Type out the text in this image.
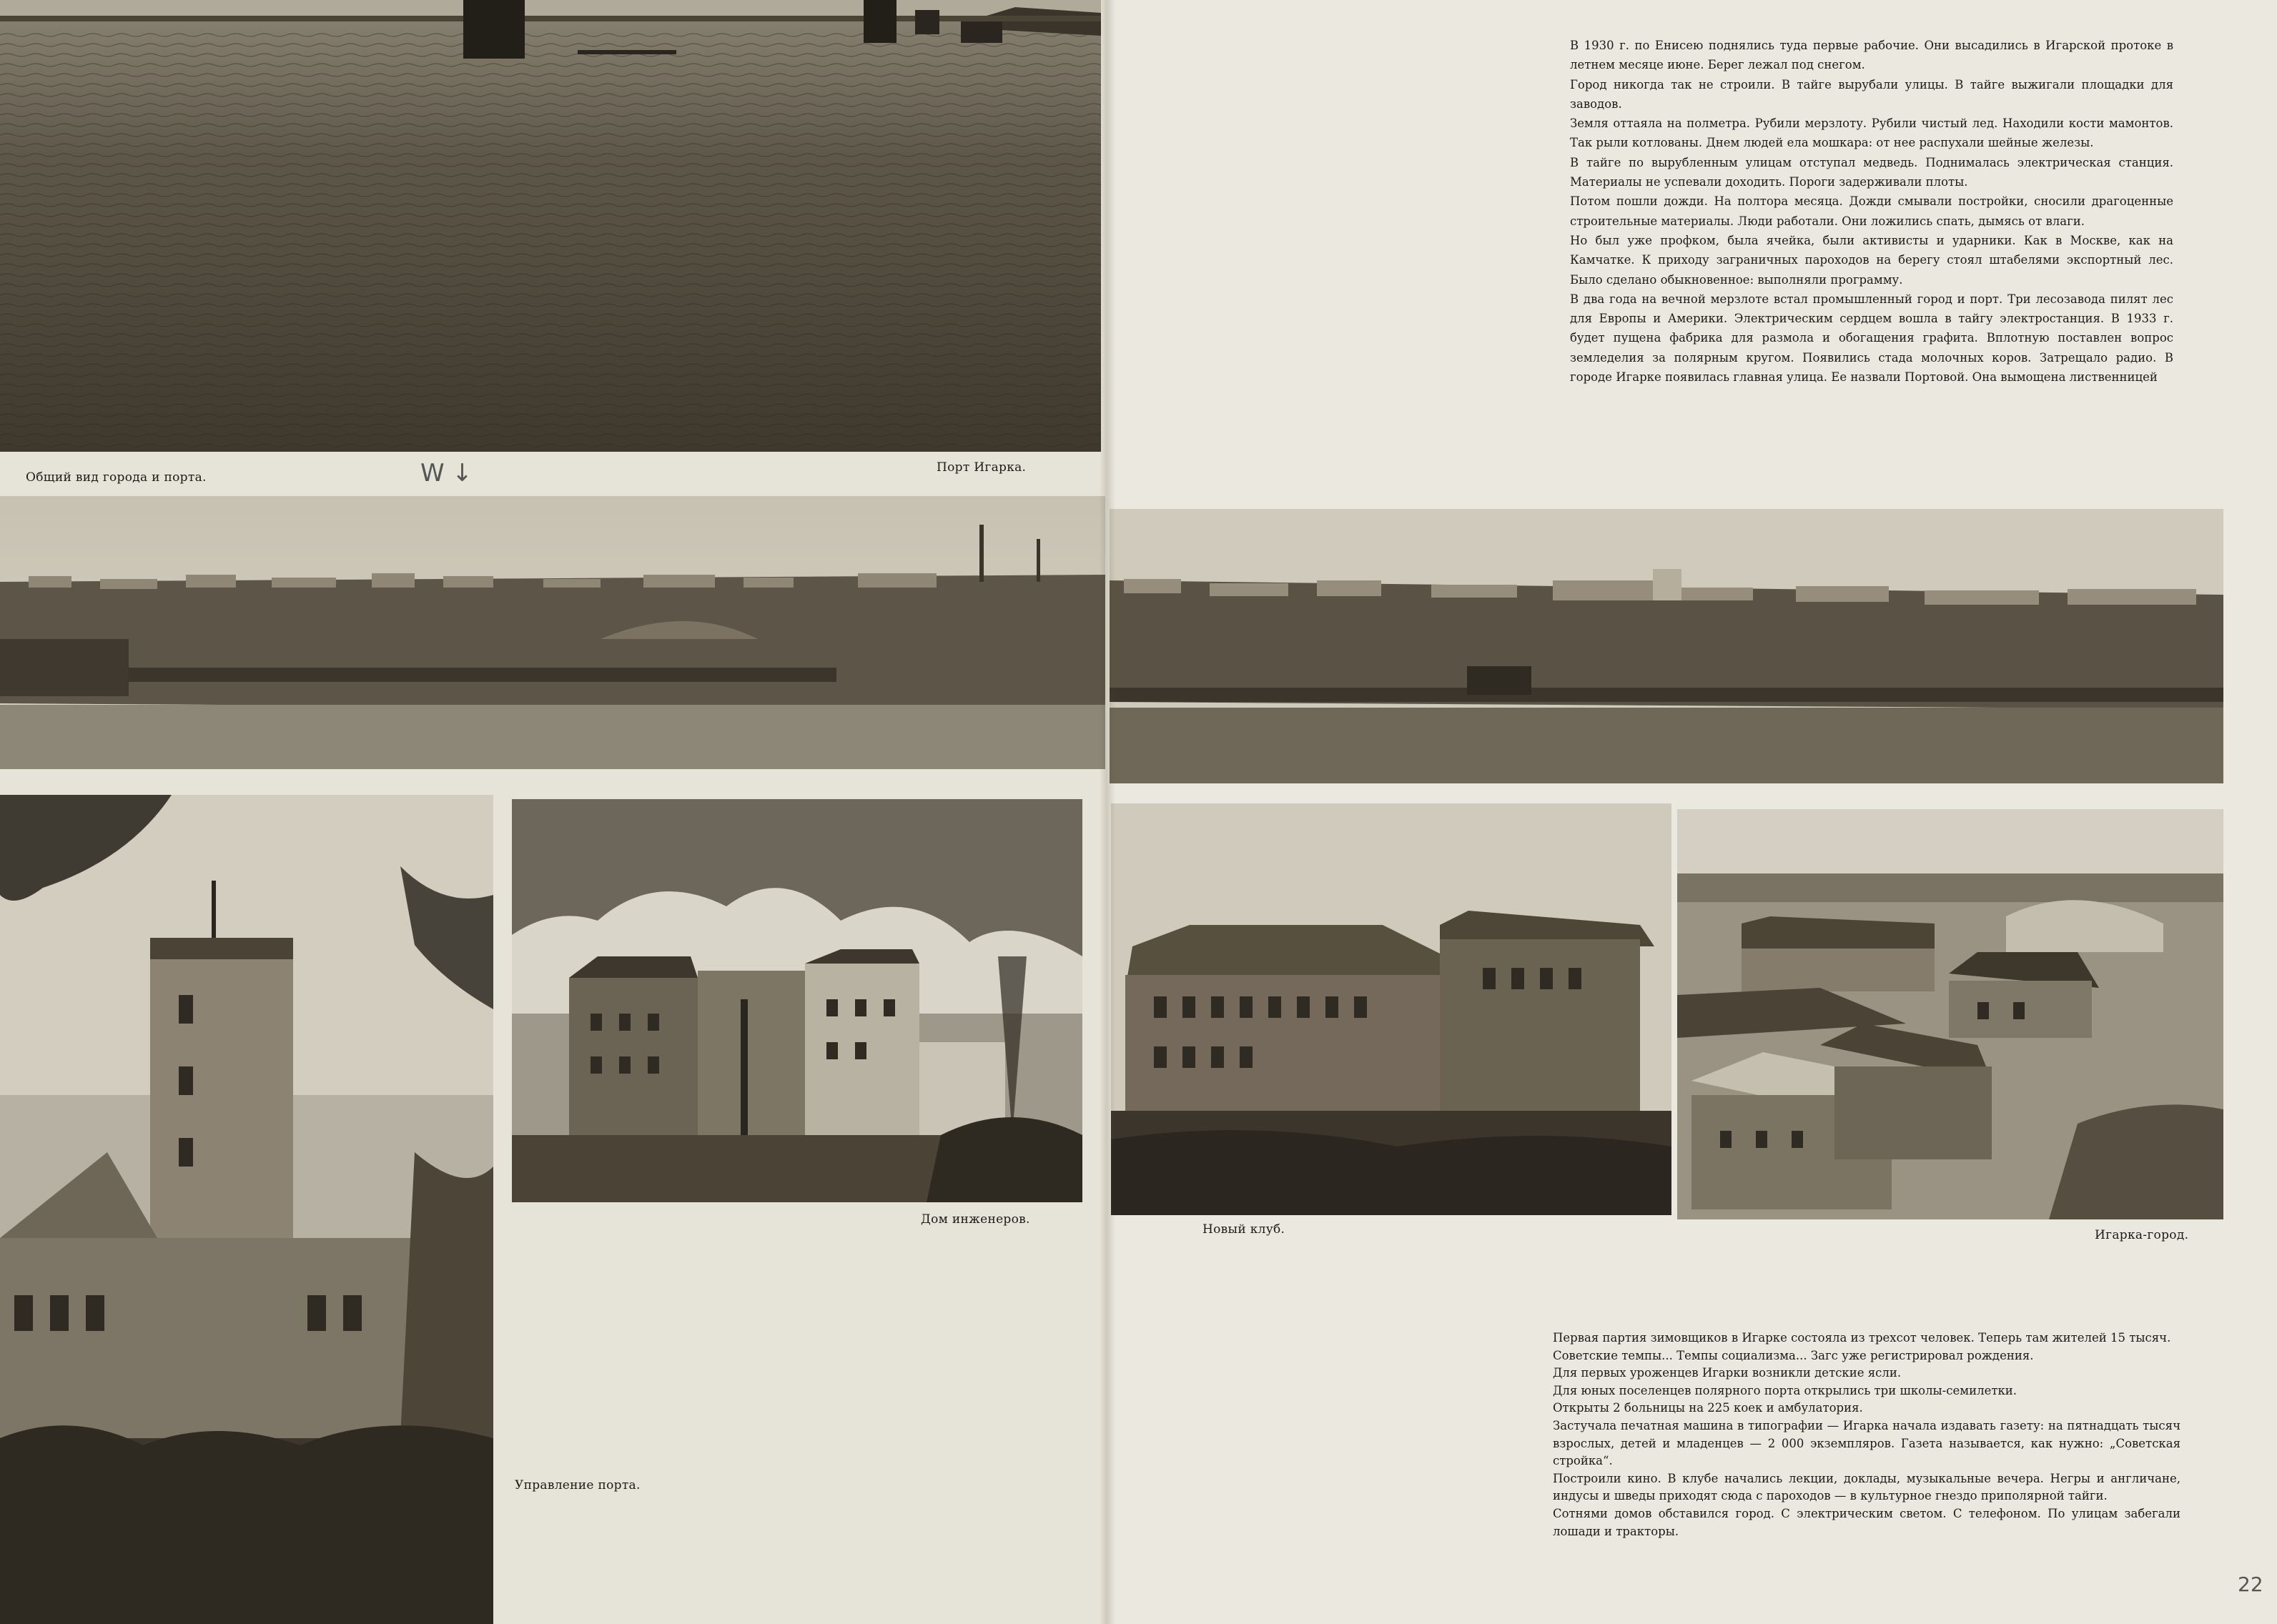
Общий вид города и порта.	W ↓	Порт Игарка.

В 1930 г. по Енисею поднялись туда первые рабочие. Они высадились в Игарской протоке в летнем месяце июне. Берег лежал под снегом.

Город никогда так не строили. В тайге вырубали улицы. В тайге выжигали площадки для заводов.

Земля оттаяла на полметра. Рубили мерзлоту. Рубили чистый лед. Находили кости мамонтов. Так рыли котлованы. Днем людей ела мошкара: от нее распухали шейные железы.

В тайге по вырубленным улицам отступал медведь. Поднималась электрическая станция. Материалы не успевали доходить. Пороги задерживали плоты.

Потом пошли дожди. На полтора месяца. Дожди смывали постройки, сносили драгоценные строительные материалы. Люди работали. Они ложились спать, дымясь от влаги.

Но был уже профком, была ячейка, были активисты и ударники. Как в Москве, как на Камчатке. К приходу заграничных пароходов на берегу стоял штабелями экспортный лес. Было сделано обыкновенное: выполняли программу.

В два года на вечной мерзлоте встал промышленный город и порт. Три лесозавода пилят лес для Европы и Америки. Электрическим сердцем вошла в тайгу электростанция. В 1933 г. будет пущена фабрика для размола и обогащения графита. Вплотную поставлен вопрос земледелия за полярным кругом. Появились стада молочных коров. Затрещало радио. В городе Игарке появилась главная улица. Ее назвали Портовой. Она вымощена лиственницей

Управление порта.
Дом инженеров.
Новый клуб.	Игарка-город.

Первая партия зимовщиков в Игарке состояла из трехсот человек. Теперь там жителей 15 тысяч.

Советские темпы... Темпы социализма... Загс уже регистрировал рождения.

Для первых уроженцев Игарки возникли детские ясли.

Для юных поселенцев полярного порта открылись три школы-семилетки.

Открыты 2 больницы на 225 коек и амбулатория.

Застучала печатная машина в типографии — Игарка начала издавать газету: на пятнадцать тысяч взрослых, детей и младенцев — 2 000 экземпляров. Газета называется, как нужно: „Советская стройка“.

Построили кино. В клубе начались лекции, доклады, музыкальные вечера. Негры и англичане, индусы и шведы приходят сюда с пароходов — в культурное гнездо приполярной тайги.

Сотнями домов обставился город. С электрическим светом. С телефоном. По улицам забегали лошади и тракторы.

22
